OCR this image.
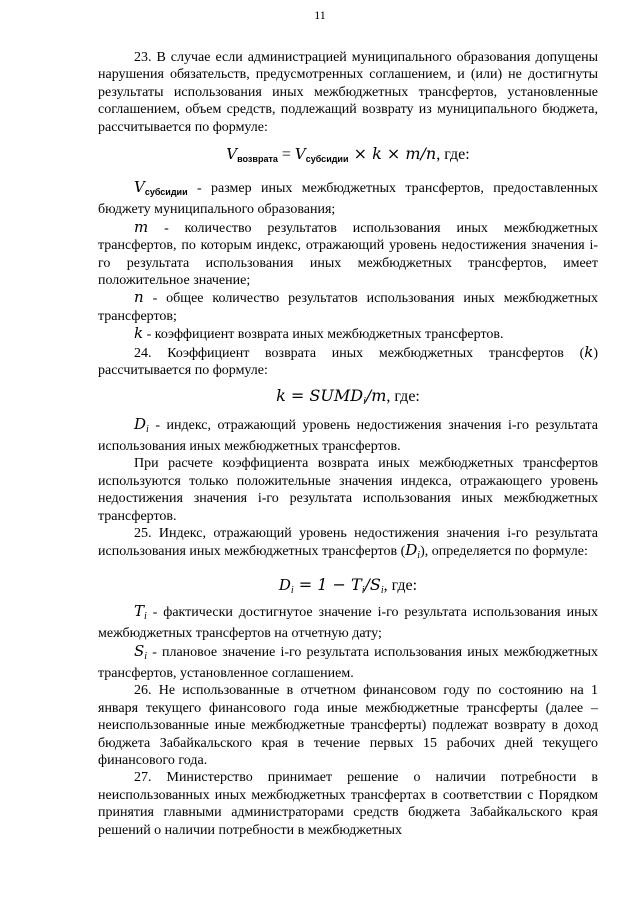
11

23. В случае если администрацией муниципального образования допущены нарушения обязательств, предусмотренных соглашением, и (или) не достигнуты результаты использования иных межбюджетных трансфертов, установленные соглашением, объем средств, подлежащий возврату из муниципального бюджета, рассчитывается по формуле:

$V_{возврата} = V_{субсидии} \times k \times m/n$, где:

$V_{субсидии}$ - размер иных межбюджетных трансфертов, предоставленных бюджету муниципального образования;

m - количество результатов использования иных межбюджетных трансфертов, по которым индекс, отражающий уровень недостижения значения i-го результата использования иных межбюджетных трансфертов, имеет положительное значение;

n - общее количество результатов использования иных межбюджетных трансфертов;

k - коэффициент возврата иных межбюджетных трансфертов.

24. Коэффициент возврата иных межбюджетных трансфертов (k) рассчитывается по формуле:

k = SUMDi/m, где:

$D_i$ - индекс, отражающий уровень недостижения значения i-го результата использования иных межбюджетных трансфертов.

При расчете коэффициента возврата иных межбюджетных трансфертов используются только положительные значения индекса, отражающего уровень недостижения значения i-го результата использования иных межбюджетных трансфертов.

25. Индекс, отражающий уровень недостижения значения i-го результата использования иных межбюджетных трансфертов $(D_i)$, определяется по формуле:

Di = 1 − Ti/Si, где:

$T_i$ - фактически достигнутое значение i-го результата использования иных межбюджетных трансфертов на отчетную дату;

$S_i$ - плановое значение i-го результата использования иных межбюджетных трансфертов, установленное соглашением.

26. Не использованные в отчетном финансовом году по состоянию на 1 января текущего финансового года иные межбюджетные трансферты (далее – неиспользованные иные межбюджетные трансферты) подлежат возврату в доход бюджета Забайкальского края в течение первых 15 рабочих дней текущего финансового года.

27. Министерство принимает решение о наличии потребности в неиспользованных иных межбюджетных трансфертах в соответствии с Порядком принятия главными администраторами средств бюджета Забайкальского края решений о наличии потребности в межбюджетных
